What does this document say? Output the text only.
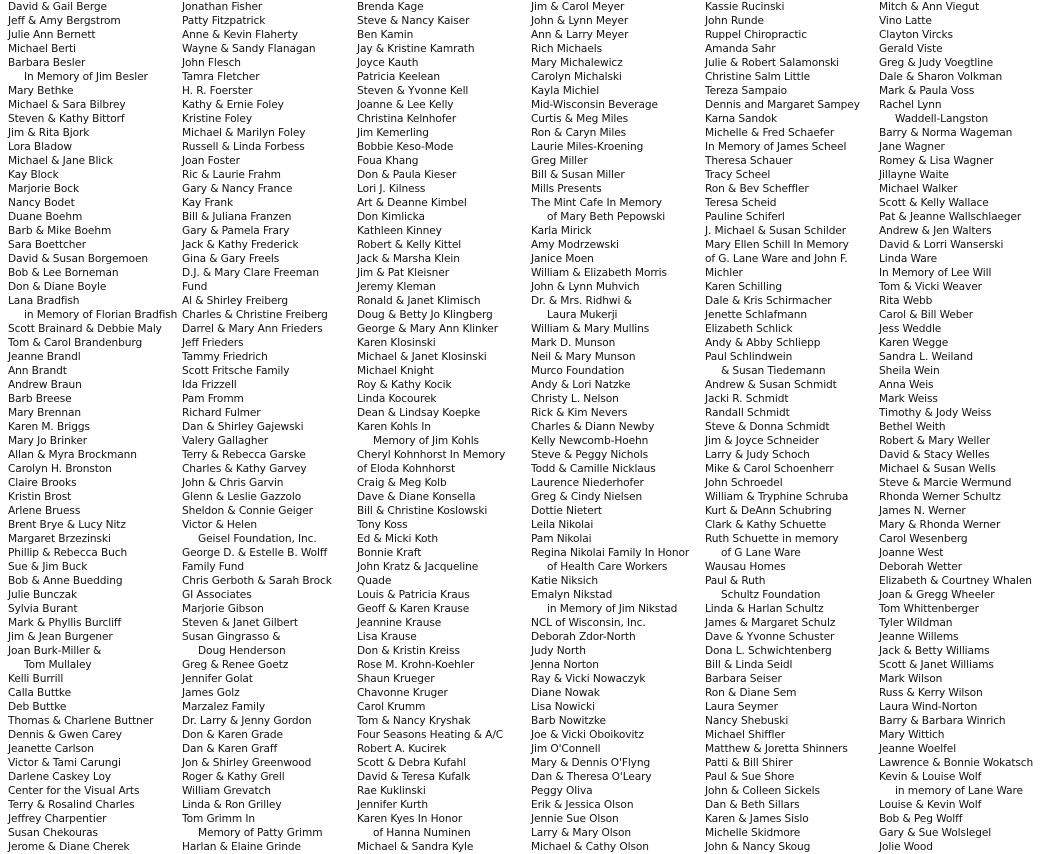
David & Gail Berge
Jeff & Amy Bergstrom
Julie Ann Bernett
Michael Berti
Barbara Besler
In Memory of Jim Besler
Mary Bethke
Michael & Sara Bilbrey
Steven & Kathy Bittorf
Jim & Rita Bjork
Lora Bladow
Michael & Jane Blick
Kay Block
Marjorie Bock
Nancy Bodet
Duane Boehm
Barb & Mike Boehm
Sara Boettcher
David & Susan Borgemoen
Bob & Lee Borneman
Don & Diane Boyle
Lana Bradfish
in Memory of Florian Bradfish
Scott Brainard & Debbie Maly
Tom & Carol Brandenburg
Jeanne Brandl
Ann Brandt
Andrew Braun
Barb Breese
Mary Brennan
Karen M. Briggs
Mary Jo Brinker
Allan & Myra Brockmann
Carolyn H. Bronston
Claire Brooks
Kristin Brost
Arlene Bruess
Brent Brye & Lucy Nitz
Margaret Brzezinski
Phillip & Rebecca Buch
Sue & Jim Buck
Bob & Anne Buedding
Julie Bunczak
Sylvia Burant
Mark & Phyllis Burcliff
Jim & Jean Burgener
Joan Burk-Miller &
Tom Mullaley
Kelli Burrill
Calla Buttke
Deb Buttke
Thomas & Charlene Buttner
Dennis & Gwen Carey
Jeanette Carlson
Victor & Tami Carungi
Darlene Caskey Loy
Center for the Visual Arts
Terry & Rosalind Charles
Jeffrey Charpentier
Susan Chekouras
Jerome & Diane Cherek
Jonathan Fisher
Patty Fitzpatrick
Anne & Kevin Flaherty
Wayne & Sandy Flanagan
John Flesch
Tamra Fletcher
H. R. Foerster
Kathy & Ernie Foley
Kristine Foley
Michael & Marilyn Foley
Russell & Linda Forbess
Joan Foster
Ric & Laurie Frahm
Gary & Nancy France
Kay Frank
Bill & Juliana Franzen
Gary & Pamela Frary
Jack & Kathy Frederick
Gina & Gary Freels
D.J. & Mary Clare Freeman
Fund
Al & Shirley Freiberg
Charles & Christine Freiberg
Darrel & Mary Ann Frieders
Jeff Frieders
Tammy Friedrich
Scott Fritsche Family
Ida Frizzell
Pam Fromm
Richard Fulmer
Dan & Shirley Gajewski
Valery Gallagher
Terry & Rebecca Garske
Charles & Kathy Garvey
John & Chris Garvin
Glenn & Leslie Gazzolo
Sheldon & Connie Geiger
Victor & Helen
Geisel Foundation, Inc.
George D. & Estelle B. Wolff
Family Fund
Chris Gerboth & Sarah Brock
GI Associates
Marjorie Gibson
Steven & Janet Gilbert
Susan Gingrasso &
Doug Henderson
Greg & Renee Goetz
Jennifer Golat
James Golz
Marzalez Family
Dr. Larry & Jenny Gordon
Don & Karen Grade
Dan & Karen Graff
Jon & Shirley Greenwood
Roger & Kathy Grell
William Grevatch
Linda & Ron Grilley
Tom Grimm In
Memory of Patty Grimm
Harlan & Elaine Grinde
Brenda Kage
Steve & Nancy Kaiser
Ben Kamin
Jay & Kristine Kamrath
Joyce Kauth
Patricia Keelean
Steven & Yvonne Kell
Joanne & Lee Kelly
Christina Kelnhofer
Jim Kemerling
Bobbie Keso-Mode
Foua Khang
Don & Paula Kieser
Lori J. Kilness
Art & Deanne Kimbel
Don Kimlicka
Kathleen Kinney
Robert & Kelly Kittel
Jack & Marsha Klein
Jim & Pat Kleisner
Jeremy Kleman
Ronald & Janet Klimisch
Doug & Betty Jo Klingberg
George & Mary Ann Klinker
Karen Klosinski
Michael & Janet Klosinski
Michael Knight
Roy & Kathy Kocik
Linda Kocourek
Dean & Lindsay Koepke
Karen Kohls In
Memory of Jim Kohls
Cheryl Kohnhorst In Memory
of Eloda Kohnhorst
Craig & Meg Kolb
Dave & Diane Konsella
Bill & Christine Koslowski
Tony Koss
Ed & Micki Koth
Bonnie Kraft
John Kratz & Jacqueline
Quade
Louis & Patricia Kraus
Geoff & Karen Krause
Jeannine Krause
Lisa Krause
Don & Kristin Kreiss
Rose M. Krohn-Koehler
Shaun Krueger
Chavonne Kruger
Carol Krumm
Tom & Nancy Kryshak
Four Seasons Heating & A/C
Robert A. Kucirek
Scott & Debra Kufahl
David & Teresa Kufalk
Rae Kuklinski
Jennifer Kurth
Karen Kyes In Honor
of Hanna Numinen
Michael & Sandra Kyle
Jim & Carol Meyer
John & Lynn Meyer
Ann & Larry Meyer
Rich Michaels
Mary Michalewicz
Carolyn Michalski
Kayla Michiel
Mid-Wisconsin Beverage
Curtis & Meg Miles
Ron & Caryn Miles
Laurie Miles-Kroening
Greg Miller
Bill & Susan Miller
Mills Presents
The Mint Cafe In Memory
of Mary Beth Pepowski
Karla Mirick
Amy Modrzewski
Janice Moen
William & Elizabeth Morris
John & Lynn Muhvich
Dr. & Mrs. Ridhwi &
Laura Mukerji
William & Mary Mullins
Mark D. Munson
Neil & Mary Munson
Murco Foundation
Andy & Lori Natzke
Christy L. Nelson
Rick & Kim Nevers
Charles & Diann Newby
Kelly Newcomb-Hoehn
Steve & Peggy Nichols
Todd & Camille Nicklaus
Laurence Niederhofer
Greg & Cindy Nielsen
Dottie Nietert
Leila Nikolai
Pam Nikolai
Regina Nikolai Family In Honor
of Health Care Workers
Katie Niksich
Emalyn Nikstad
in Memory of Jim Nikstad
NCL of Wisconsin, Inc.
Deborah Zdor-North
Judy North
Jenna Norton
Ray & Vicki Nowaczyk
Diane Nowak
Lisa Nowicki
Barb Nowitzke
Joe & Vicki Oboikovitz
Jim O'Connell
Mary & Dennis O'Flyng
Dan & Theresa O'Leary
Peggy Oliva
Erik & Jessica Olson
Jennie Sue Olson
Larry & Mary Olson
Michael & Cathy Olson
Kassie Rucinski
John Runde
Ruppel Chiropractic
Amanda Sahr
Julie & Robert Salamonski
Christine Salm Little
Tereza Sampaio
Dennis and Margaret Sampey
Karna Sandok
Michelle & Fred Schaefer
In Memory of James Scheel
Theresa Schauer
Tracy Scheel
Ron & Bev Scheffler
Teresa Scheid
Pauline Schiferl
J. Michael & Susan Schilder
Mary Ellen Schill In Memory
of G. Lane Ware and John F.
Michler
Karen Schilling
Dale & Kris Schirmacher
Jenette Schlafmann
Elizabeth Schlick
Andy & Abby Schliepp
Paul Schlindwein
& Susan Tiedemann
Andrew & Susan Schmidt
Jacki R. Schmidt
Randall Schmidt
Steve & Donna Schmidt
Jim & Joyce Schneider
Larry & Judy Schoch
Mike & Carol Schoenherr
John Schroedel
William & Tryphine Schruba
Kurt & DeAnn Schubring
Clark & Kathy Schuette
Ruth Schuette in memory
of G Lane Ware
Wausau Homes
Paul & Ruth
Schultz Foundation
Linda & Harlan Schultz
James & Margaret Schulz
Dave & Yvonne Schuster
Dona L. Schwichtenberg
Bill & Linda Seidl
Barbara Seiser
Ron & Diane Sem
Laura Seymer
Nancy Shebuski
Michael Shiffler
Matthew & Joretta Shinners
Patti & Bill Shirer
Paul & Sue Shore
John & Colleen Sickels
Dan & Beth Sillars
Karen & James Sislo
Michelle Skidmore
John & Nancy Skoug
Mitch & Ann Viegut
Vino Latte
Clayton Vircks
Gerald Viste
Greg & Judy Voegtline
Dale & Sharon Volkman
Mark & Paula Voss
Rachel Lynn
Waddell-Langston
Barry & Norma Wageman
Jane Wagner
Romey & Lisa Wagner
Jillayne Waite
Michael Walker
Scott & Kelly Wallace
Pat & Jeanne Wallschlaeger
Andrew & Jen Walters
David & Lorri Wanserski
Linda Ware
In Memory of Lee Will
Tom & Vicki Weaver
Rita Webb
Carol & Bill Weber
Jess Weddle
Karen Wegge
Sandra L. Weiland
Sheila Wein
Anna Weis
Mark Weiss
Timothy & Jody Weiss
Bethel Weith
Robert & Mary Weller
David & Stacy Welles
Michael & Susan Wells
Steve & Marcie Wermund
Rhonda Werner Schultz
James N. Werner
Mary & Rhonda Werner
Carol Wesenberg
Joanne West
Deborah Wetter
Elizabeth & Courtney Whalen
Joan & Gregg Wheeler
Tom Whittenberger
Tyler Wildman
Jeanne Willems
Jack & Betty Williams
Scott & Janet Williams
Mark Wilson
Russ & Kerry Wilson
Laura Wind-Norton
Barry & Barbara Winrich
Mary Wittich
Jeanne Woelfel
Lawrence & Bonnie Wokatsch
Kevin & Louise Wolf
in memory of Lane Ware
Louise & Kevin Wolf
Bob & Peg Wolff
Gary & Sue Wolslegel
Jolie Wood
